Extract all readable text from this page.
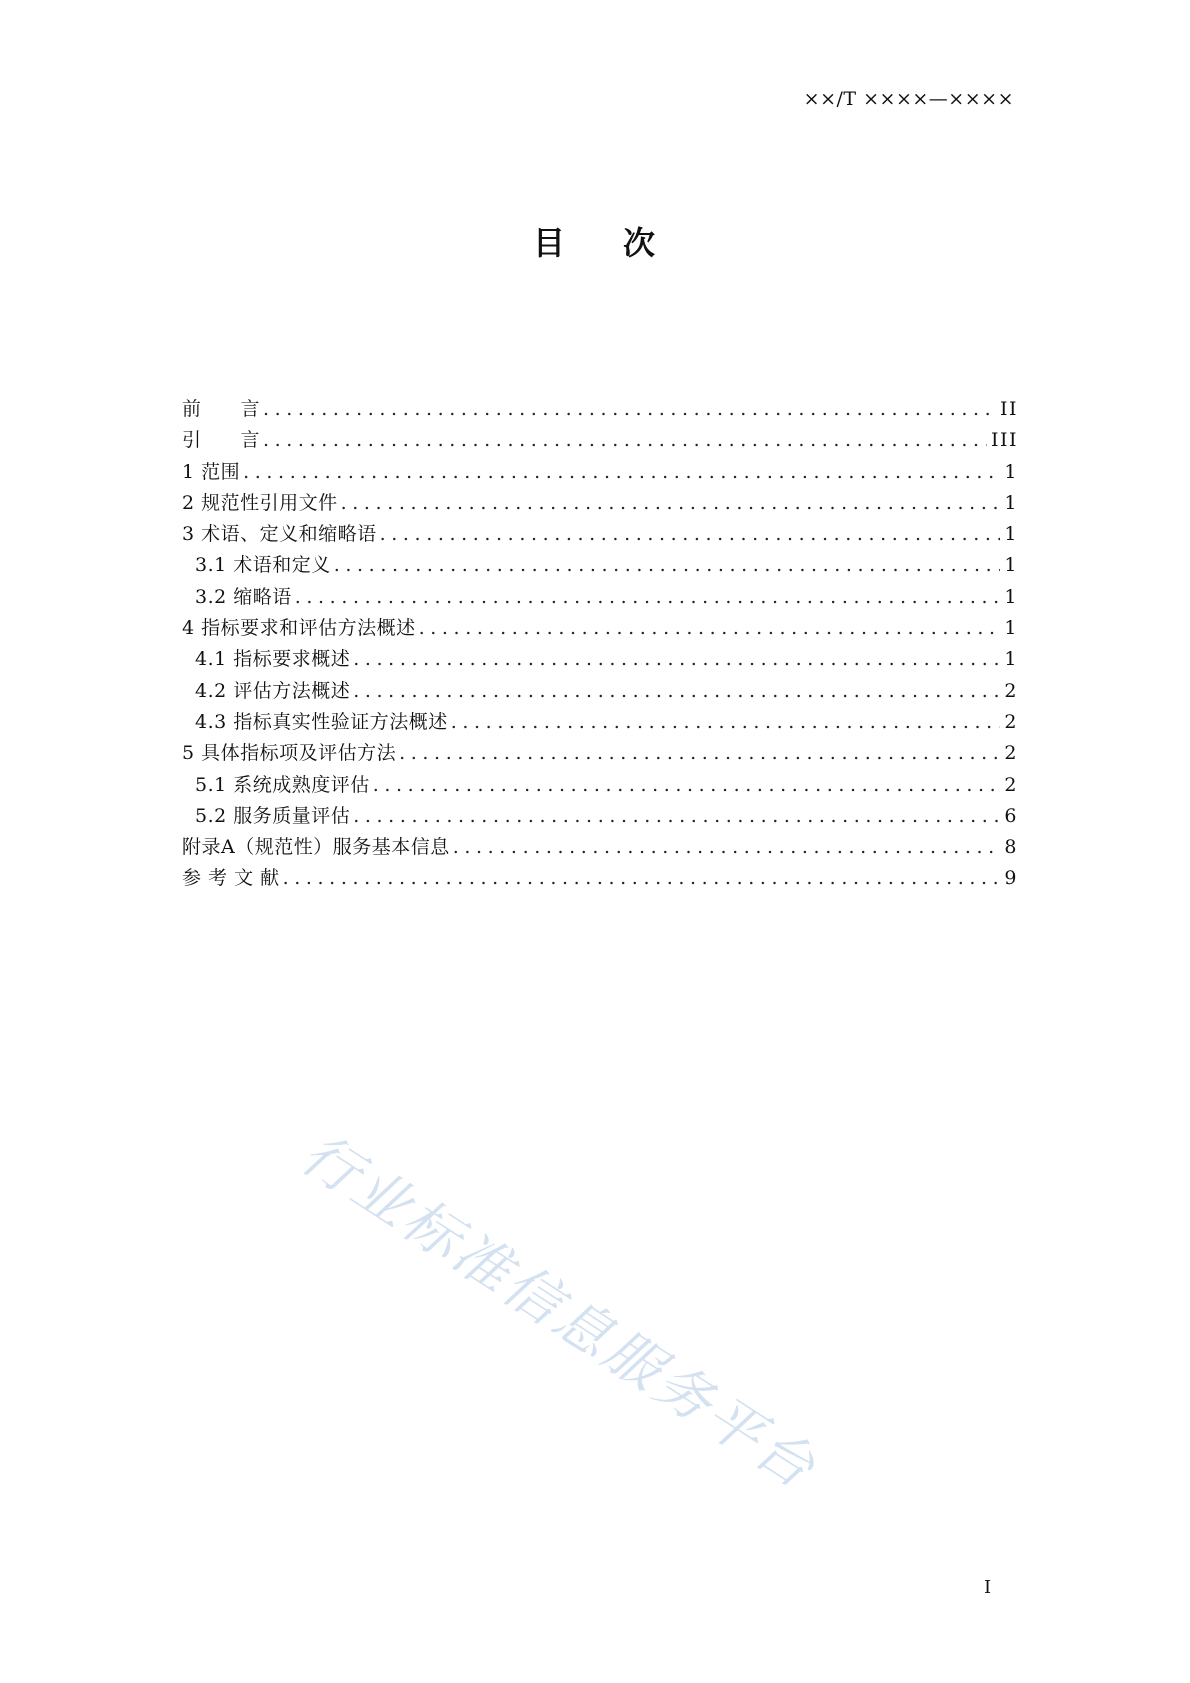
××/T ××××—××××
目 次
前　　言 .....	II
引　　言 .....	III
1 范围 .....	1
2 规范性引用文件 .....	1
3 术语、定义和缩略语 .....	1
3.1 术语和定义 .....	1
3.2 缩略语 .....	1
4 指标要求和评估方法概述 .....	1
4.1 指标要求概述 .....	1
4.2 评估方法概述 .....	2
4.3 指标真实性验证方法概述 .....	2
5 具体指标项及评估方法 .....	2
5.1 系统成熟度评估 .....	2
5.2 服务质量评估 .....	6
附录A（规范性）服务基本信息 .....	8
参 考 文 献 .....	9
行业标准信息服务平台
I
